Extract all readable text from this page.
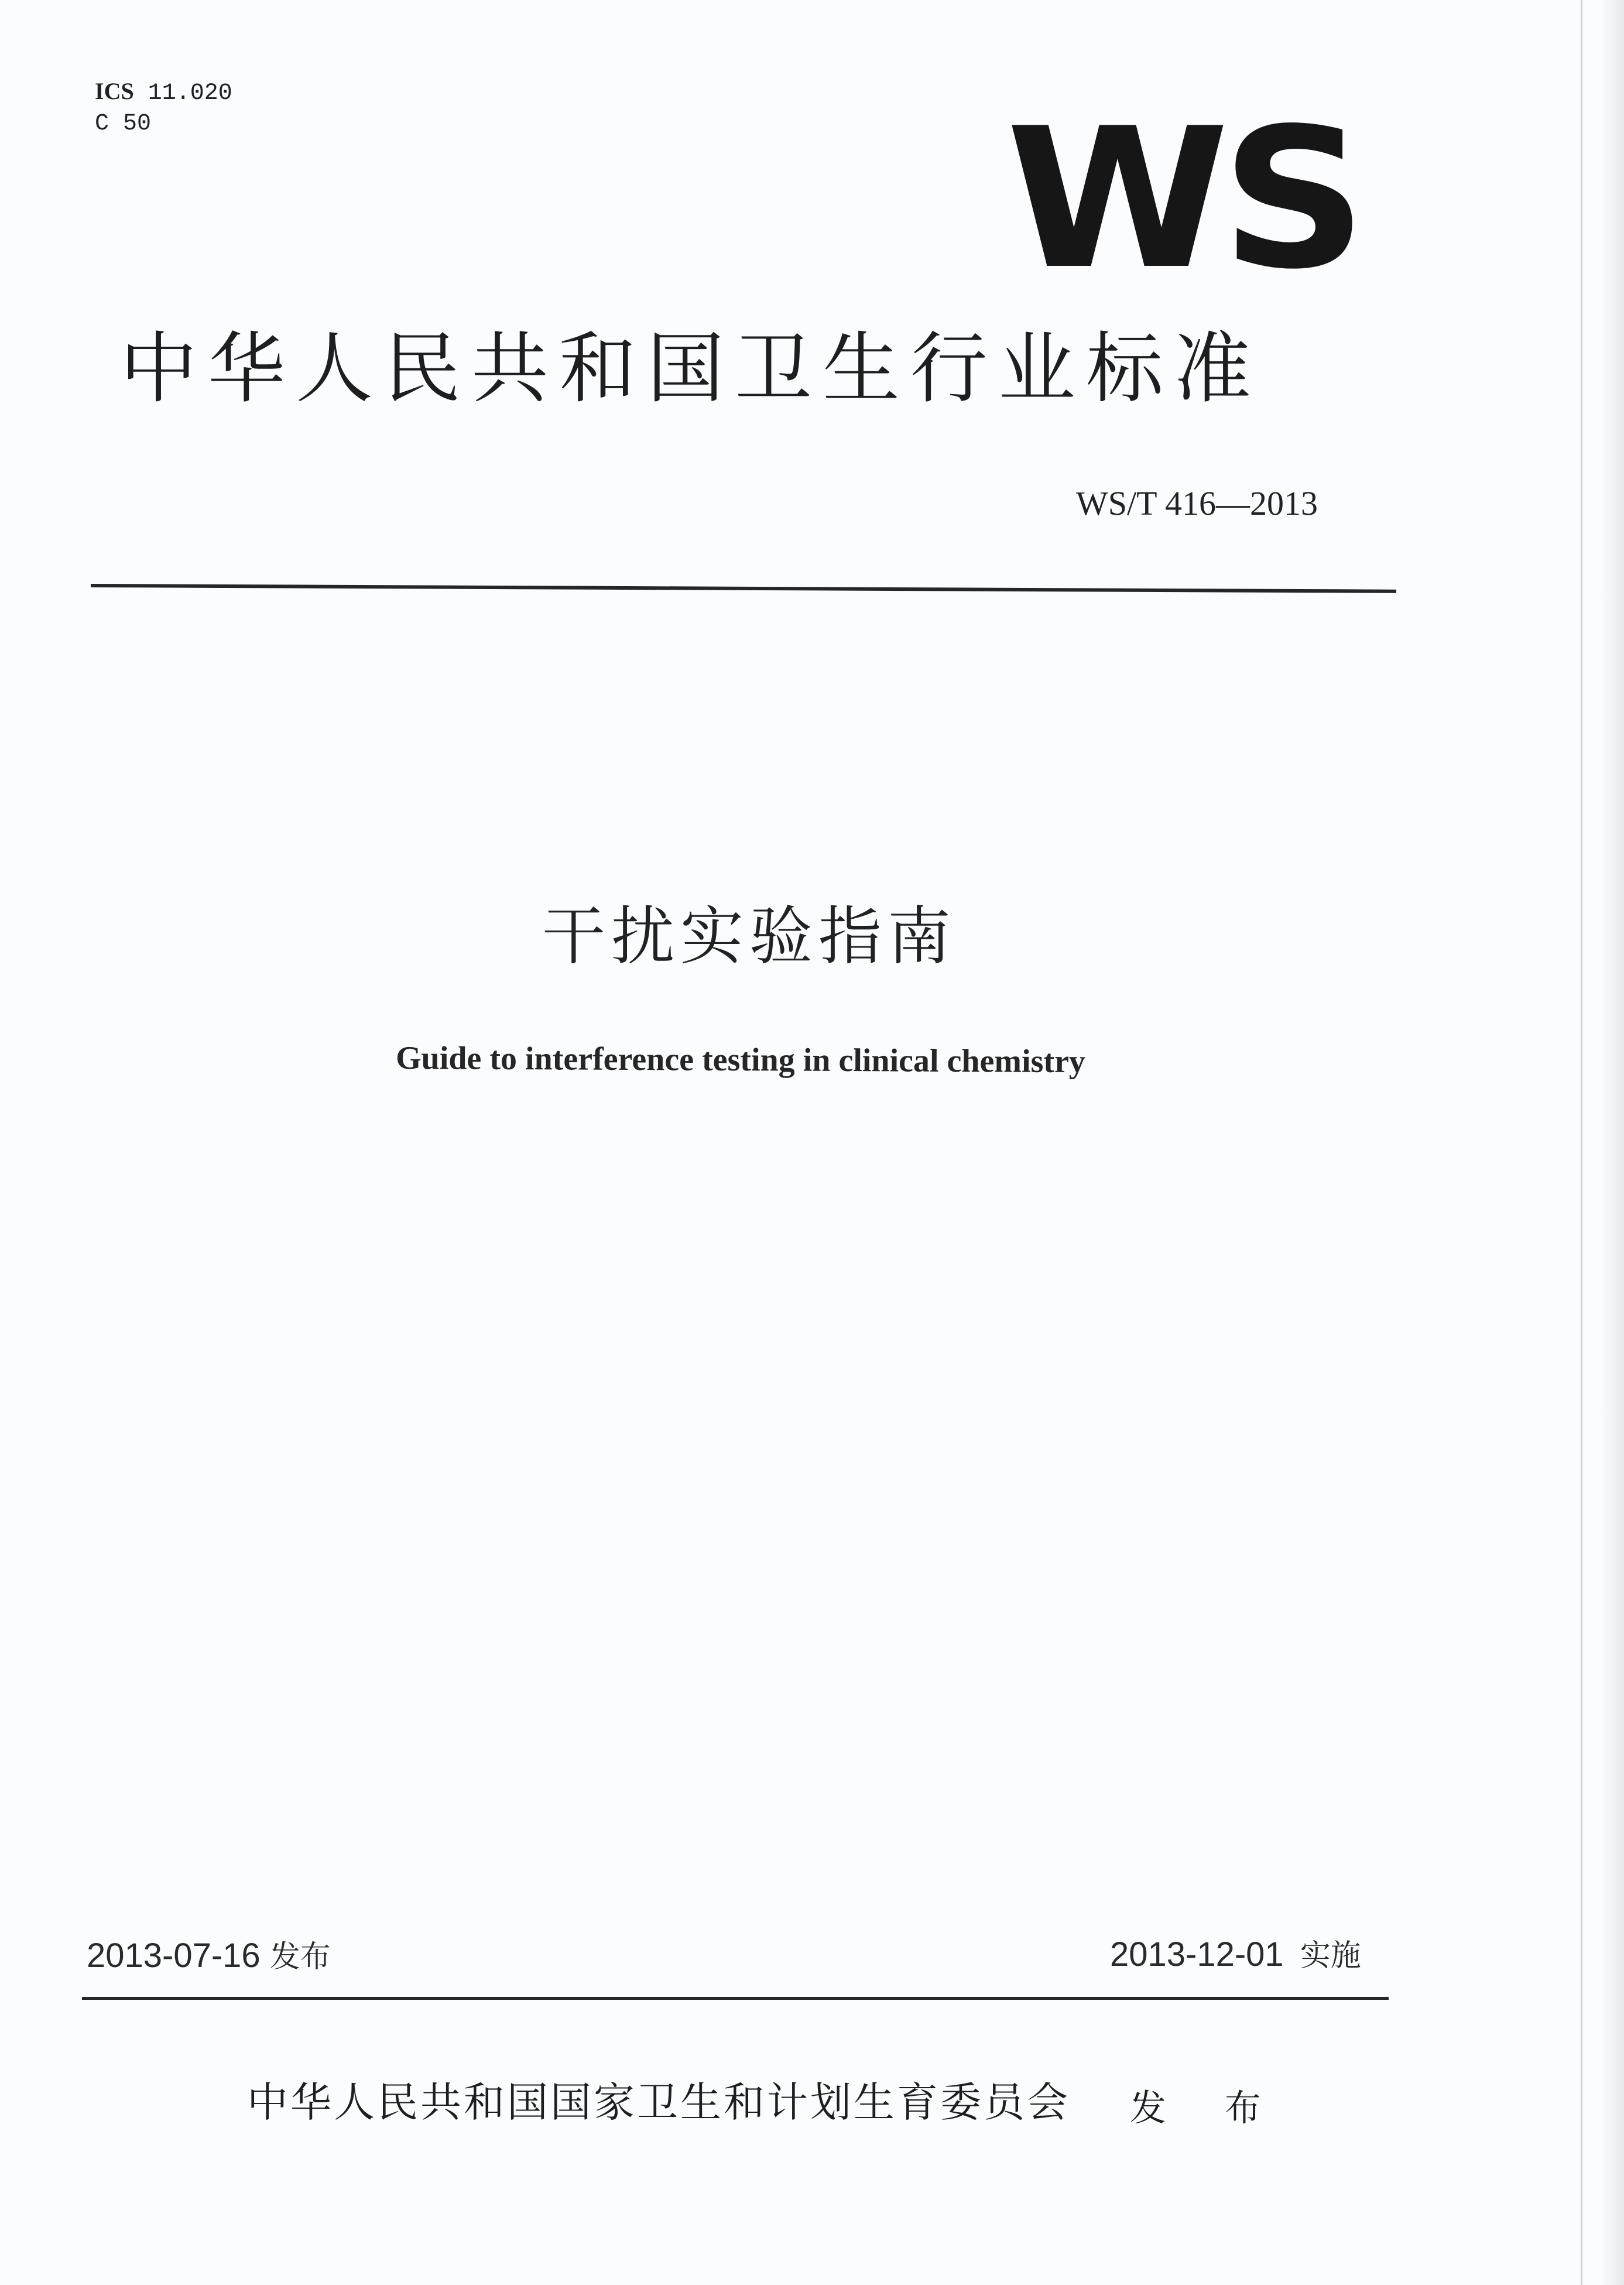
ICS 11.020
C 50	WS
中华人民共和国卫生行业标准
WS/T 416—2013
干扰实验指南
Guide to interference testing in clinical chemistry
2013-07-16 发布	2013-12-01 实施
中华人民共和国国家卫生和计划生育委员会 发 布
